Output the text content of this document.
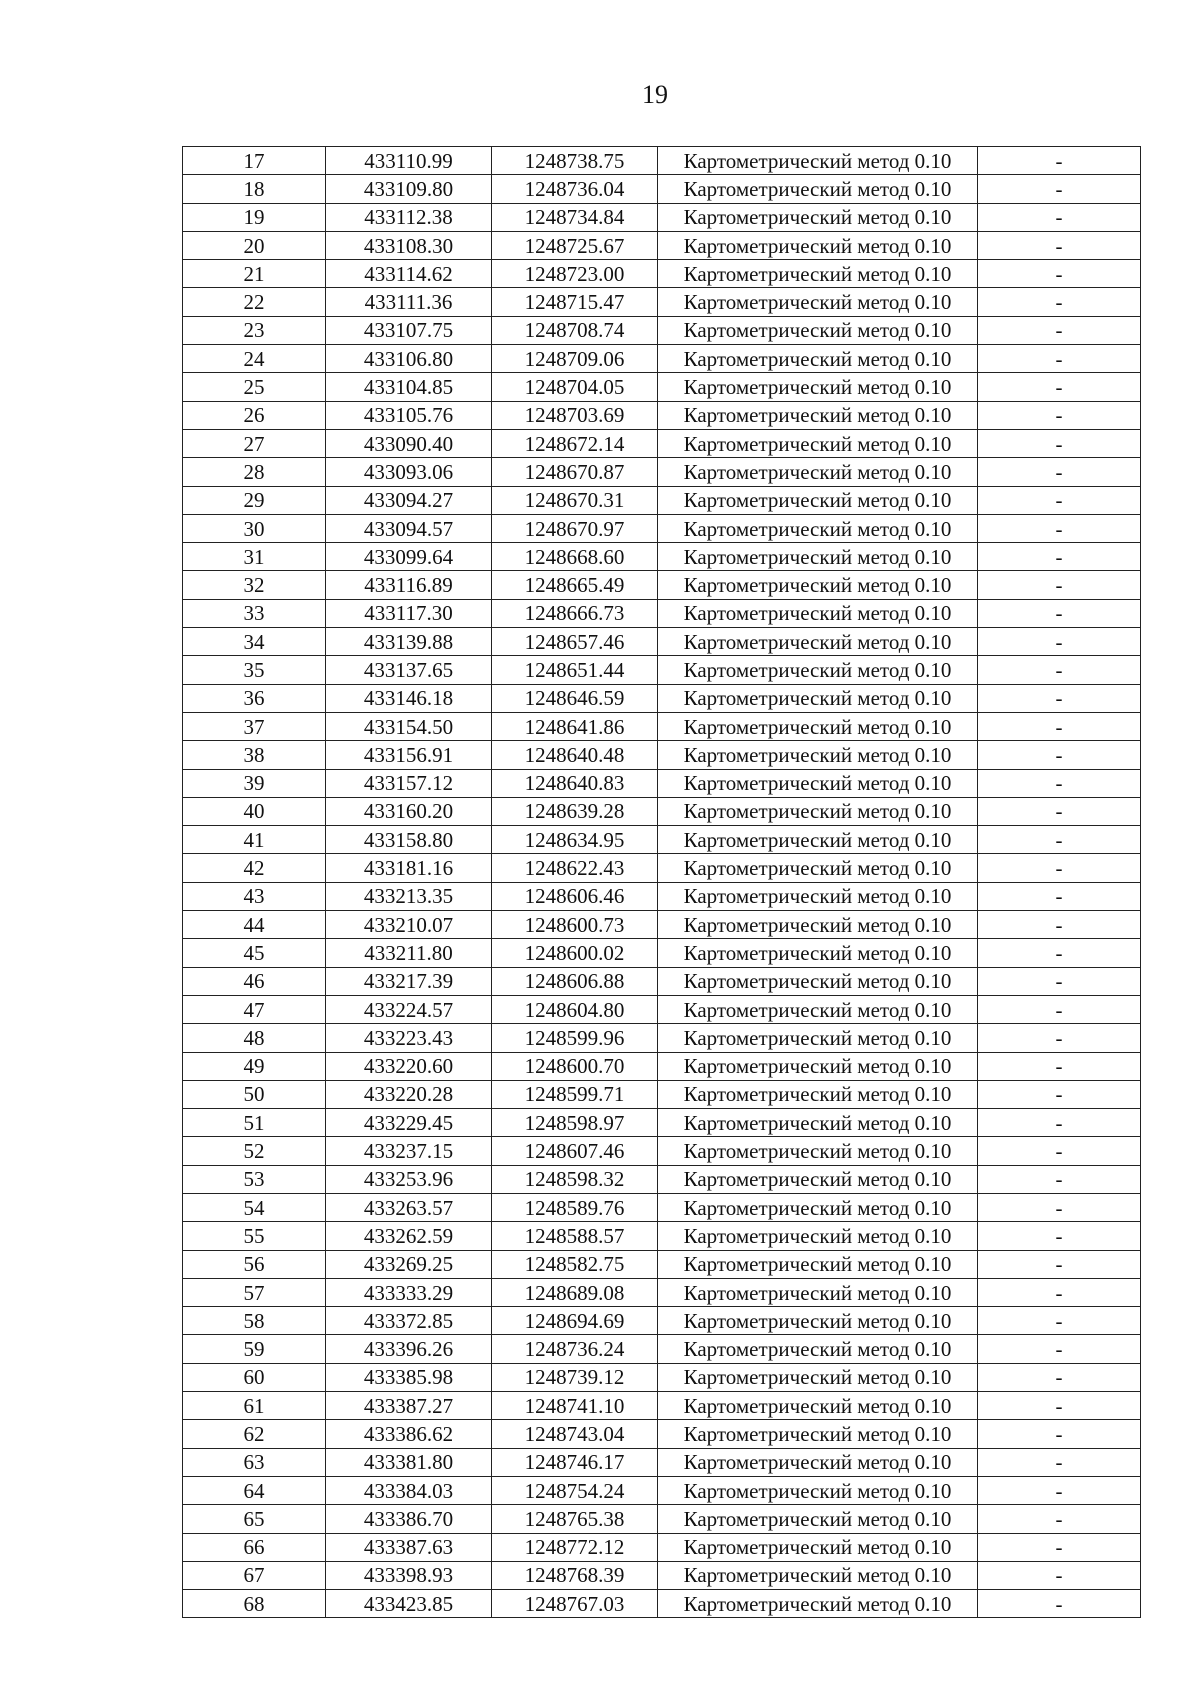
19
17	433110.99	1248738.75	Картометрический метод 0.10	-
18	433109.80	1248736.04	Картометрический метод 0.10	-
19	433112.38	1248734.84	Картометрический метод 0.10	-
20	433108.30	1248725.67	Картометрический метод 0.10	-
21	433114.62	1248723.00	Картометрический метод 0.10	-
22	433111.36	1248715.47	Картометрический метод 0.10	-
23	433107.75	1248708.74	Картометрический метод 0.10	-
24	433106.80	1248709.06	Картометрический метод 0.10	-
25	433104.85	1248704.05	Картометрический метод 0.10	-
26	433105.76	1248703.69	Картометрический метод 0.10	-
27	433090.40	1248672.14	Картометрический метод 0.10	-
28	433093.06	1248670.87	Картометрический метод 0.10	-
29	433094.27	1248670.31	Картометрический метод 0.10	-
30	433094.57	1248670.97	Картометрический метод 0.10	-
31	433099.64	1248668.60	Картометрический метод 0.10	-
32	433116.89	1248665.49	Картометрический метод 0.10	-
33	433117.30	1248666.73	Картометрический метод 0.10	-
34	433139.88	1248657.46	Картометрический метод 0.10	-
35	433137.65	1248651.44	Картометрический метод 0.10	-
36	433146.18	1248646.59	Картометрический метод 0.10	-
37	433154.50	1248641.86	Картометрический метод 0.10	-
38	433156.91	1248640.48	Картометрический метод 0.10	-
39	433157.12	1248640.83	Картометрический метод 0.10	-
40	433160.20	1248639.28	Картометрический метод 0.10	-
41	433158.80	1248634.95	Картометрический метод 0.10	-
42	433181.16	1248622.43	Картометрический метод 0.10	-
43	433213.35	1248606.46	Картометрический метод 0.10	-
44	433210.07	1248600.73	Картометрический метод 0.10	-
45	433211.80	1248600.02	Картометрический метод 0.10	-
46	433217.39	1248606.88	Картометрический метод 0.10	-
47	433224.57	1248604.80	Картометрический метод 0.10	-
48	433223.43	1248599.96	Картометрический метод 0.10	-
49	433220.60	1248600.70	Картометрический метод 0.10	-
50	433220.28	1248599.71	Картометрический метод 0.10	-
51	433229.45	1248598.97	Картометрический метод 0.10	-
52	433237.15	1248607.46	Картометрический метод 0.10	-
53	433253.96	1248598.32	Картометрический метод 0.10	-
54	433263.57	1248589.76	Картометрический метод 0.10	-
55	433262.59	1248588.57	Картометрический метод 0.10	-
56	433269.25	1248582.75	Картометрический метод 0.10	-
57	433333.29	1248689.08	Картометрический метод 0.10	-
58	433372.85	1248694.69	Картометрический метод 0.10	-
59	433396.26	1248736.24	Картометрический метод 0.10	-
60	433385.98	1248739.12	Картометрический метод 0.10	-
61	433387.27	1248741.10	Картометрический метод 0.10	-
62	433386.62	1248743.04	Картометрический метод 0.10	-
63	433381.80	1248746.17	Картометрический метод 0.10	-
64	433384.03	1248754.24	Картометрический метод 0.10	-
65	433386.70	1248765.38	Картометрический метод 0.10	-
66	433387.63	1248772.12	Картометрический метод 0.10	-
67	433398.93	1248768.39	Картометрический метод 0.10	-
68	433423.85	1248767.03	Картометрический метод 0.10	-
